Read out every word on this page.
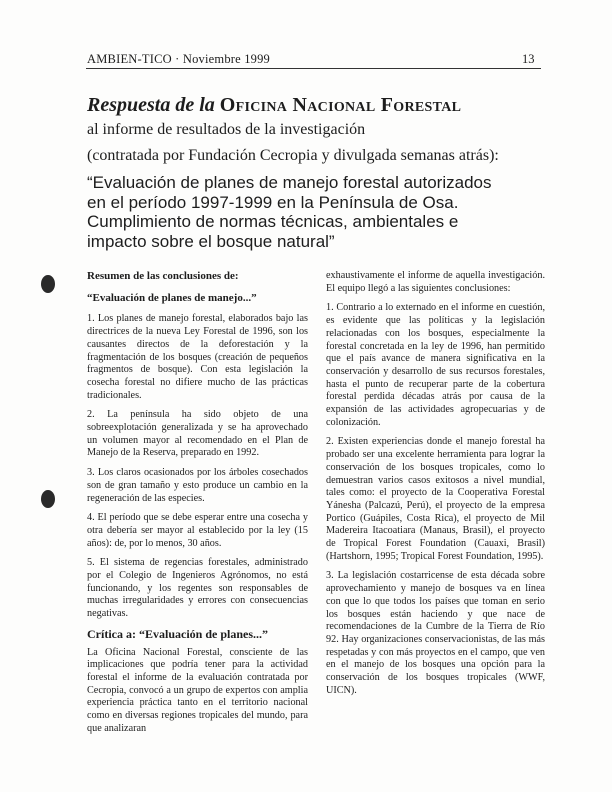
AMBIEN-TICO · Noviembre 1999	13
Respuesta de la Oficina Nacional Forestal
al informe de resultados de la investigación
(contratada por Fundación Cecropia y divulgada semanas atrás):
“Evaluación de planes de manejo forestal autorizados
en el período 1997-1999 en la Península de Osa.
Cumplimiento de normas técnicas, ambientales e
impacto sobre el bosque natural”

Resumen de las conclusiones de:

“Evaluación de planes de manejo...”

1. Los planes de manejo forestal, elaborados bajo las directrices de la nueva Ley Forestal de 1996, son los causantes directos de la deforestación y la fragmentación de los bosques (creación de pequeños fragmentos de bosque). Con esta legislación la cosecha forestal no difiere mucho de las prácticas tradicionales.

2. La península ha sido objeto de una sobreexplotación generalizada y se ha aprovechado un volumen mayor al recomendado en el Plan de Manejo de la Reserva, preparado en 1992.

3. Los claros ocasionados por los árboles cosechados son de gran tamaño y esto produce un cambio en la regeneración de las especies.

4. El período que se debe esperar entre una cosecha y otra debería ser mayor al establecido por la ley (15 años): de, por lo menos, 30 años.

5. El sistema de regencias forestales, administrado por el Colegio de Ingenieros Agrónomos, no está funcionando, y los regentes son responsables de muchas irregularidades y errores con consecuencias negativas.

Crítica a: “Evaluación de planes...”

La Oficina Nacional Forestal, consciente de las implicaciones que podría tener para la actividad forestal el informe de la evaluación contratada por Cecropia, convocó a un grupo de expertos con amplia experiencia práctica tanto en el territorio nacional como en diversas regiones tropicales del mundo, para que analizaran

exhaustivamente el informe de aquella investigación. El equipo llegó a las siguientes conclusiones:

1. Contrario a lo externado en el informe en cuestión, es evidente que las políticas y la legislación relacionadas con los bosques, especialmente la forestal concretada en la ley de 1996, han permitido que el país avance de manera significativa en la conservación y desarrollo de sus recursos forestales, hasta el punto de recuperar parte de la cobertura forestal perdida décadas atrás por causa de la expansión de las actividades agropecuarias y de colonización.

2. Existen experiencias donde el manejo forestal ha probado ser una excelente herramienta para lograr la conservación de los bosques tropicales, como lo demuestran varios casos exitosos a nivel mundial, tales como: el proyecto de la Cooperativa Forestal Yánesha (Palcazú, Perú), el proyecto de la empresa Portico (Guápiles, Costa Rica), el proyecto de Mil Madereira Itacoatiara (Manaus, Brasil), el proyecto de Tropical Forest Foundation (Cauaxi, Brasil) (Hartshorn, 1995; Tropical Forest Foundation, 1995).

3. La legislación costarricense de esta década sobre aprovechamiento y manejo de bosques va en línea con que lo que todos los países que toman en serio los bosques están haciendo y que nace de recomendaciones de la Cumbre de la Tierra de Río 92. Hay organizaciones conservacionistas, de las más respetadas y con más proyectos en el campo, que ven en el manejo de los bosques una opción para la conservación de los bosques tropicales (WWF, UICN).
